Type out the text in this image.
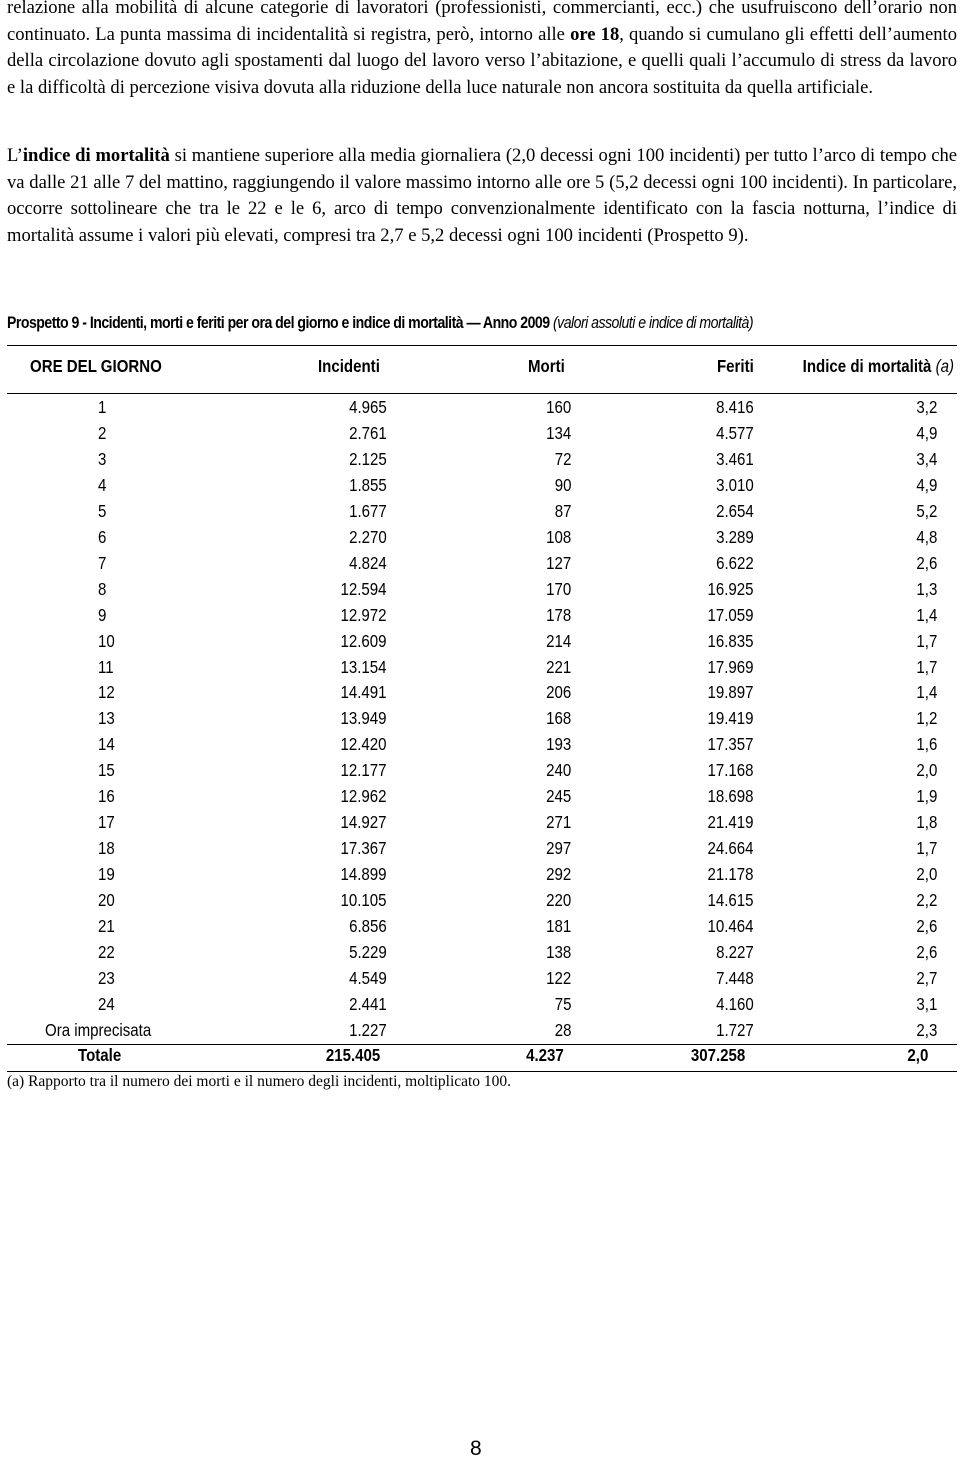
relazione alla mobilità di alcune categorie di lavoratori (professionisti, commercianti, ecc.) che usufruiscono dell’orario non continuato. La punta massima di incidentalità si registra, però, intorno alle ore 18, quando si cumulano gli effetti dell’aumento della circolazione dovuto agli spostamenti dal luogo del lavoro verso l’abitazione, e quelli quali l’accumulo di stress da lavoro e la difficoltà di percezione visiva dovuta alla riduzione della luce naturale non ancora sostituita da quella artificiale.

L’indice di mortalità si mantiene superiore alla media giornaliera (2,0 decessi ogni 100 incidenti) per tutto l’arco di tempo che va dalle 21 alle 7 del mattino, raggiungendo il valore massimo intorno alle ore 5 (5,2 decessi ogni 100 incidenti). In particolare, occorre sottolineare che tra le 22 e le 6, arco di tempo convenzionalmente identificato con la fascia notturna, l’indice di mortalità assume i valori più elevati, compresi tra 2,7 e 5,2 decessi ogni 100 incidenti (Prospetto 9).

Prospetto 9 - Incidenti, morti e feriti per ora del giorno e indice di mortalità — Anno 2009 (valori assoluti e indice di mortalità)
ORE DEL GIORNO	Incidenti	Morti	Feriti	Indice di mortalità (a)
1	4.965	160	8.416	3,2
2	2.761	134	4.577	4,9
3	2.125	72	3.461	3,4
4	1.855	90	3.010	4,9
5	1.677	87	2.654	5,2
6	2.270	108	3.289	4,8
7	4.824	127	6.622	2,6
8	12.594	170	16.925	1,3
9	12.972	178	17.059	1,4
10	12.609	214	16.835	1,7
11	13.154	221	17.969	1,7
12	14.491	206	19.897	1,4
13	13.949	168	19.419	1,2
14	12.420	193	17.357	1,6
15	12.177	240	17.168	2,0
16	12.962	245	18.698	1,9
17	14.927	271	21.419	1,8
18	17.367	297	24.664	1,7
19	14.899	292	21.178	2,0
20	10.105	220	14.615	2,2
21	6.856	181	10.464	2,6
22	5.229	138	8.227	2,6
23	4.549	122	7.448	2,7
24	2.441	75	4.160	3,1
Ora imprecisata	1.227	28	1.727	2,3
Totale	215.405	4.237	307.258	2,0
(a) Rapporto tra il numero dei morti e il numero degli incidenti, moltiplicato 100.
8
